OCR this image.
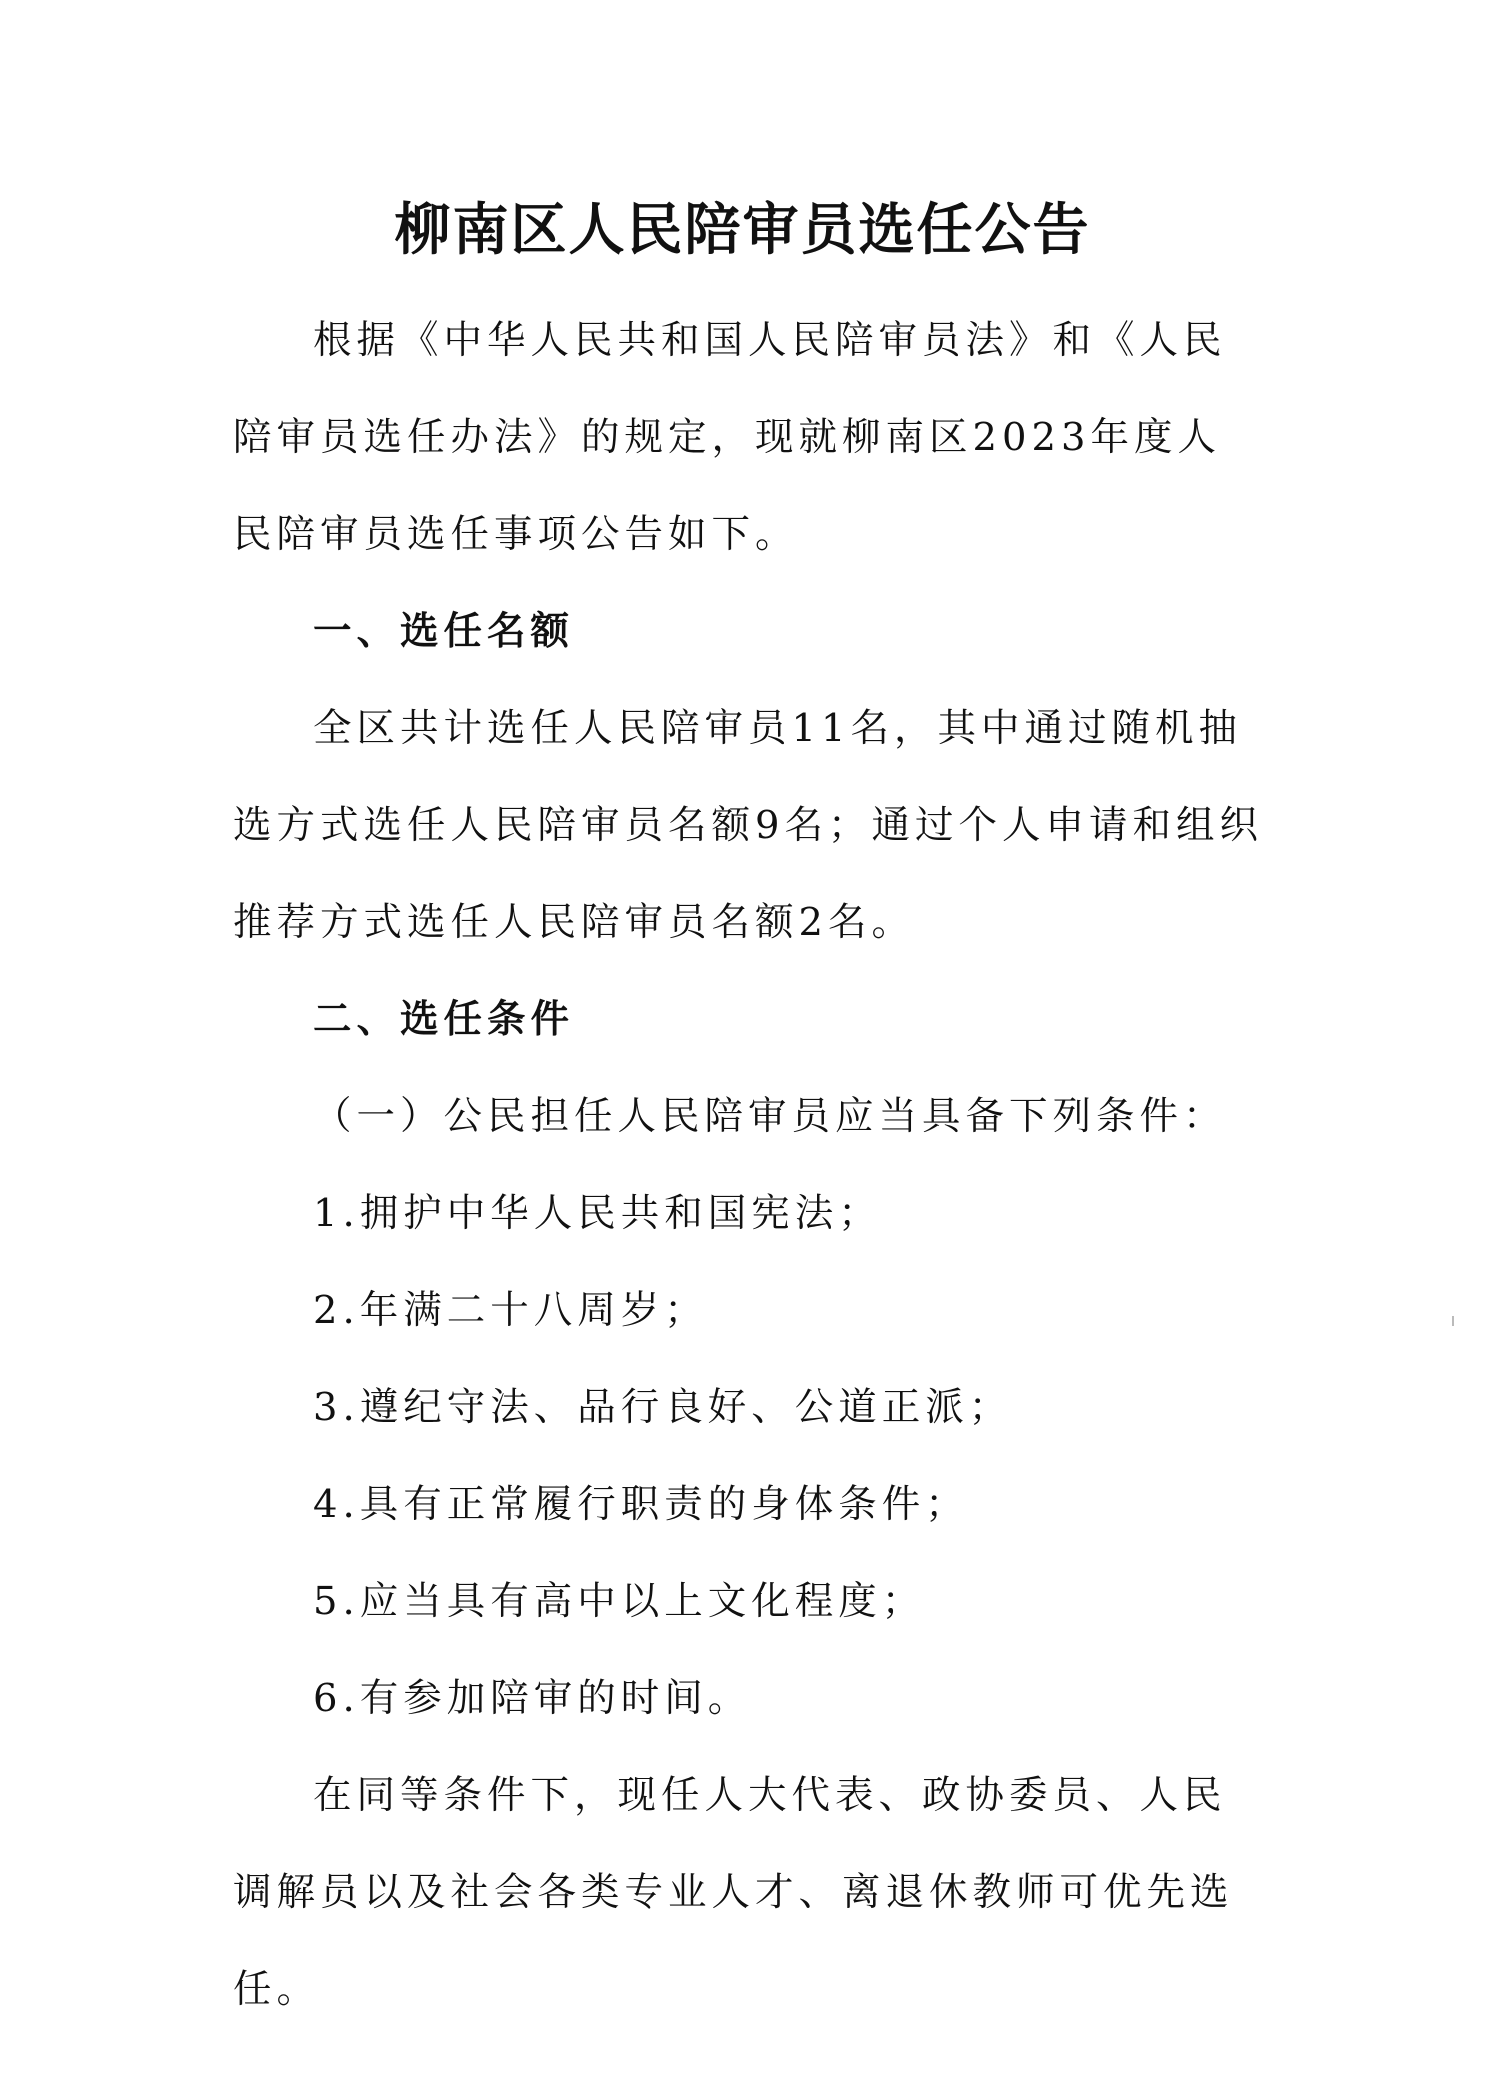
柳南区人民陪审员选任公告

根据《中华人民共和国人民陪审员法》和《人民陪审员选任办法》的规定，现就柳南区2023年度人民陪审员选任事项公告如下。

一、选任名额

全区共计选任人民陪审员11名，其中通过随机抽选方式选任人民陪审员名额9名；通过个人申请和组织推荐方式选任人民陪审员名额2名。

二、选任条件

（一）公民担任人民陪审员应当具备下列条件：

1.拥护中华人民共和国宪法；

2.年满二十八周岁；

3.遵纪守法、品行良好、公道正派；

4.具有正常履行职责的身体条件；

5.应当具有高中以上文化程度；

6.有参加陪审的时间。

在同等条件下，现任人大代表、政协委员、人民调解员以及社会各类专业人才、离退休教师可优先选任。
